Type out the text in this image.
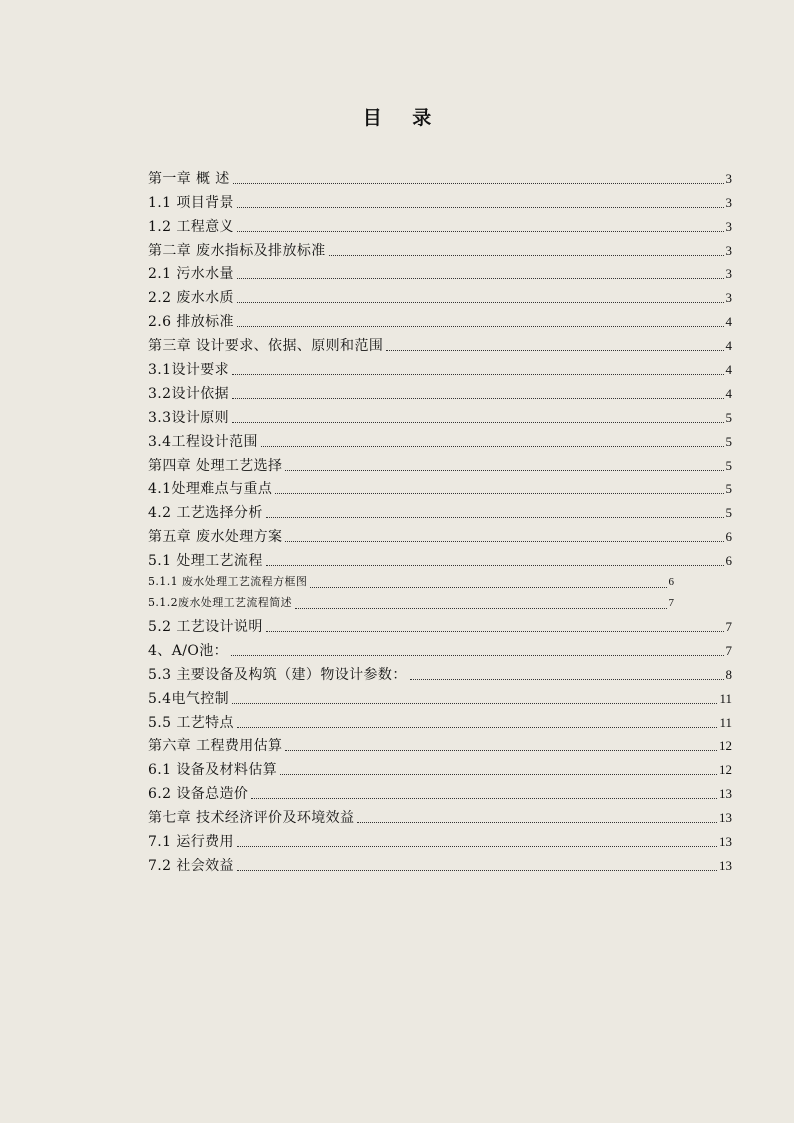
目 录
第一章 概 述	3
1.1 项目背景	3
1.2 工程意义	3
第二章 废水指标及排放标准	3
2.1 污水水量	3
2.2 废水水质	3
2.6 排放标准	4
第三章 设计要求、依据、原则和范围	4
3.1设计要求	4
3.2设计依据	4
3.3设计原则	5
3.4工程设计范围	5
第四章 处理工艺选择	5
4.1处理难点与重点	5
4.2 工艺选择分析	5
第五章 废水处理方案	6
5.1 处理工艺流程	6
5.1.1 废水处理工艺流程方框图	6
5.1.2废水处理工艺流程简述	7
5.2 工艺设计说明	7
4、A/O池：	7
5.3 主要设备及构筑（建）物设计参数：	8
5.4电气控制	11
5.5 工艺特点	11
第六章 工程费用估算	12
6.1 设备及材料估算	12
6.2 设备总造价	13
第七章 技术经济评价及环境效益	13
7.1 运行费用	13
7.2 社会效益	13
